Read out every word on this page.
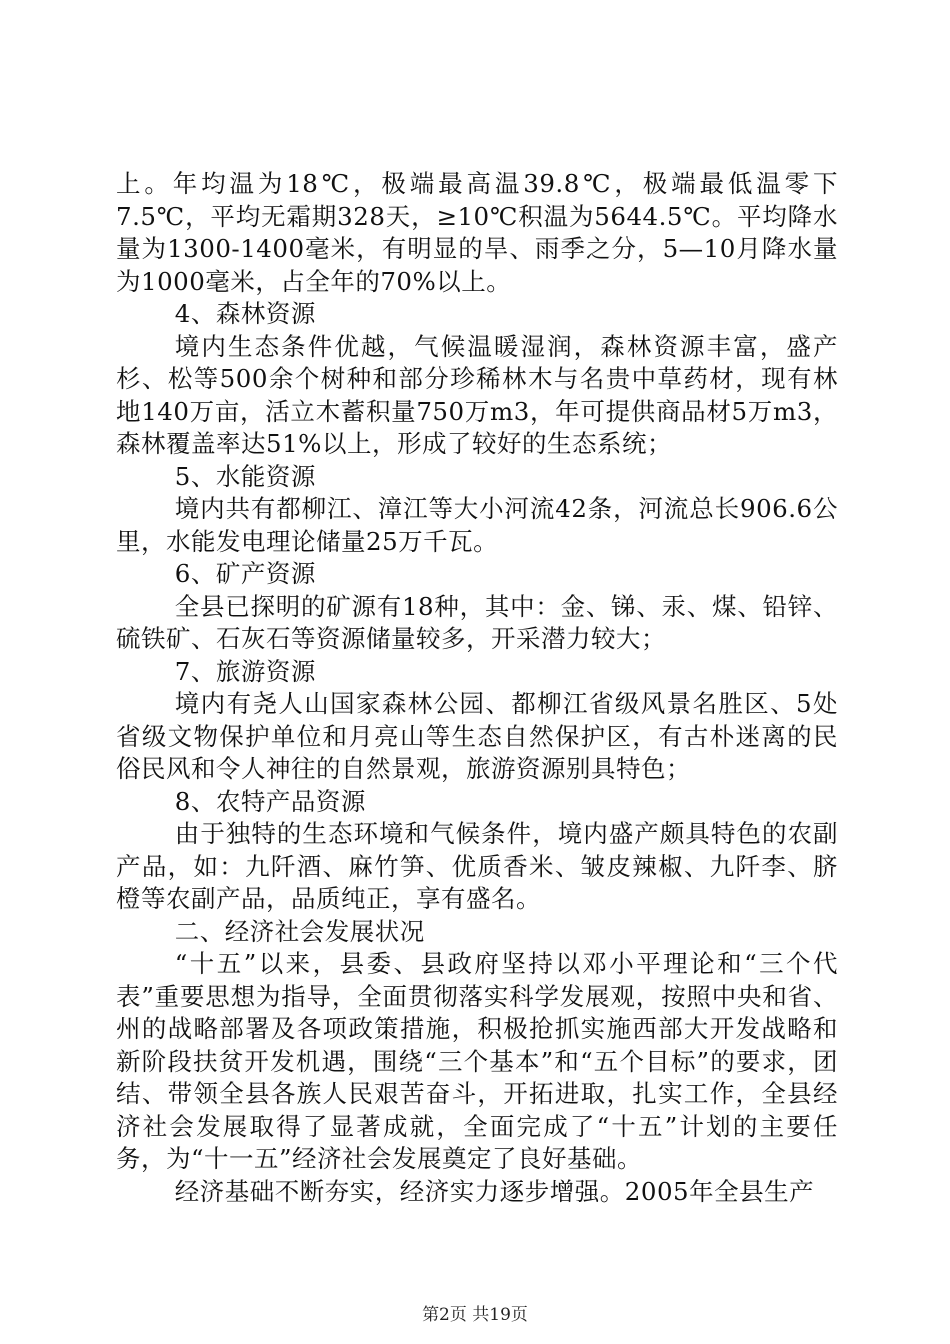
上。年均温为18℃，极端最高温39.8℃，极端最低温零下7.5℃，平均无霜期328天，≥10℃积温为5644.5℃。平均降水量为1300-1400毫米，有明显的旱、雨季之分，5—10月降水量为1000毫米，占全年的70%以上。

4、森林资源

境内生态条件优越，气候温暖湿润，森林资源丰富，盛产杉、松等500余个树种和部分珍稀林木与名贵中草药材，现有林地140万亩，活立木蓄积量750万m3，年可提供商品材5万m3，森林覆盖率达51%以上，形成了较好的生态系统；

5、水能资源

境内共有都柳江、漳江等大小河流42条，河流总长906.6公里，水能发电理论储量25万千瓦。

6、矿产资源

全县已探明的矿源有18种，其中：金、锑、汞、煤、铅锌、硫铁矿、石灰石等资源储量较多，开采潜力较大；

7、旅游资源

境内有尧人山国家森林公园、都柳江省级风景名胜区、5处省级文物保护单位和月亮山等生态自然保护区，有古朴迷离的民俗民风和令人神往的自然景观，旅游资源别具特色；

8、农特产品资源

由于独特的生态环境和气候条件，境内盛产颇具特色的农副产品，如：九阡酒、麻竹笋、优质香米、皱皮辣椒、九阡李、脐橙等农副产品，品质纯正，享有盛名。

二、经济社会发展状况

“十五”以来，县委、县政府坚持以邓小平理论和“三个代表”重要思想为指导，全面贯彻落实科学发展观，按照中央和省、州的战略部署及各项政策措施，积极抢抓实施西部大开发战略和新阶段扶贫开发机遇，围绕“三个基本”和“五个目标”的要求，团结、带领全县各族人民艰苦奋斗，开拓进取，扎实工作，全县经济社会发展取得了显著成就，全面完成了“十五”计划的主要任务，为“十一五”经济社会发展奠定了良好基础。

经济基础不断夯实，经济实力逐步增强。2005年全县生产

第2页 共19页
